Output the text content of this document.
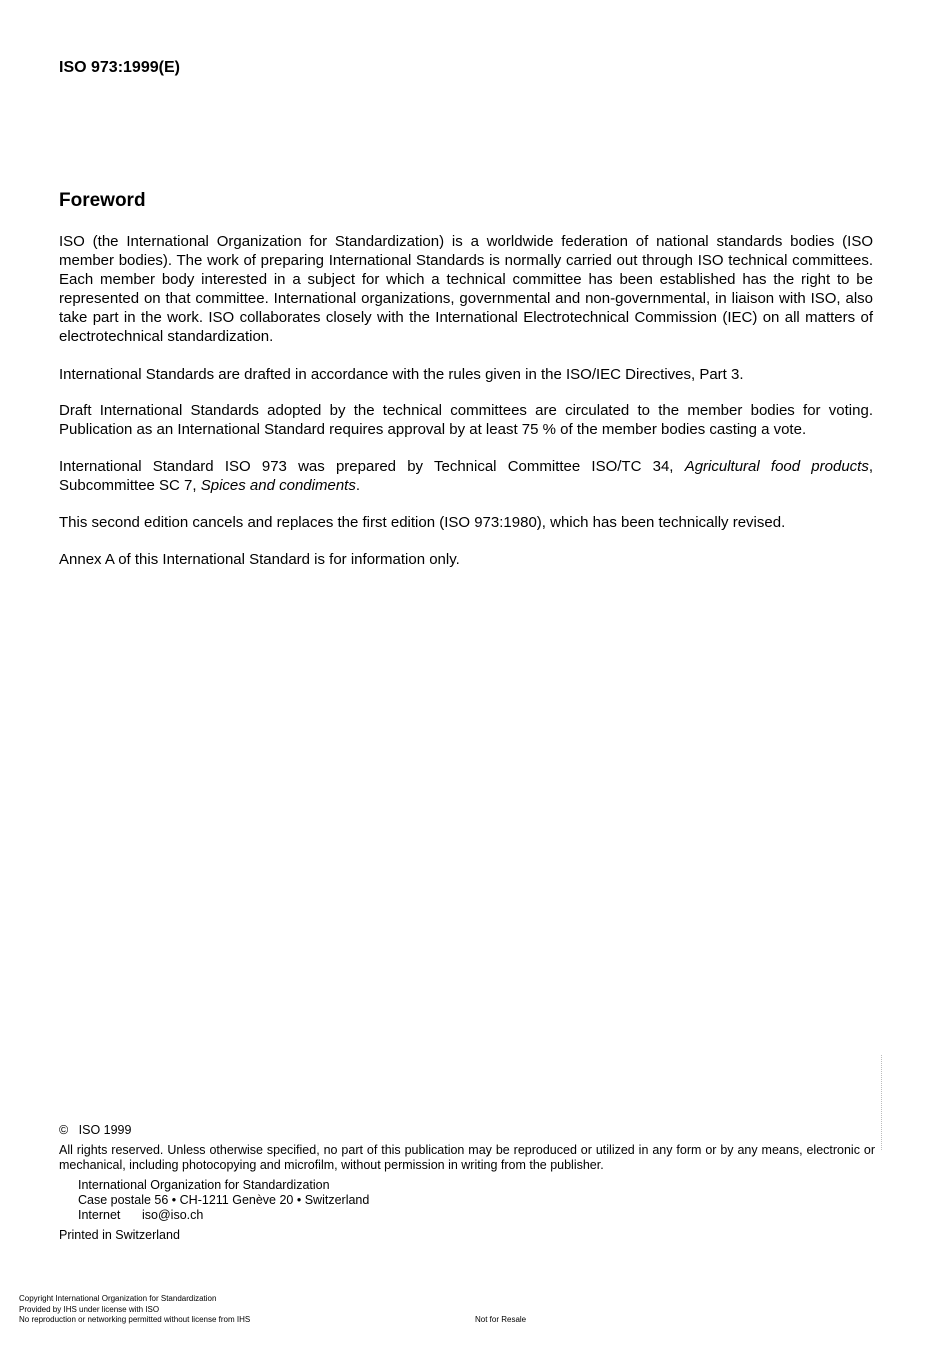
ISO 973:1999(E)
Foreword

ISO (the International Organization for Standardization) is a worldwide federation of national standards bodies (ISO member bodies). The work of preparing International Standards is normally carried out through ISO technical committees. Each member body interested in a subject for which a technical committee has been established has the right to be represented on that committee. International organizations, governmental and non-governmental, in liaison with ISO, also take part in the work. ISO collaborates closely with the International Electrotechnical Commission (IEC) on all matters of electrotechnical standardization.

International Standards are drafted in accordance with the rules given in the ISO/IEC Directives, Part 3.

Draft International Standards adopted by the technical committees are circulated to the member bodies for voting. Publication as an International Standard requires approval by at least 75 % of the member bodies casting a vote.

International Standard ISO 973 was prepared by Technical Committee ISO/TC 34, Agricultural food products, Subcommittee SC 7, Spices and condiments.

This second edition cancels and replaces the first edition (ISO 973:1980), which has been technically revised.

Annex A of this International Standard is for information only.

©   ISO 1999

All rights reserved. Unless otherwise specified, no part of this publication may be reproduced or utilized in any form or by any means, electronic or mechanical, including photocopying and microfilm, without permission in writing from the publisher.

International Organization for Standardization
Case postale 56 • CH-1211 Genève 20 • Switzerland
Internet iso@iso.ch
Printed in Switzerland
Copyright International Organization for Standardization
Provided by IHS under license with ISO
No reproduction or networking permitted without license from IHS	Not for Resale
